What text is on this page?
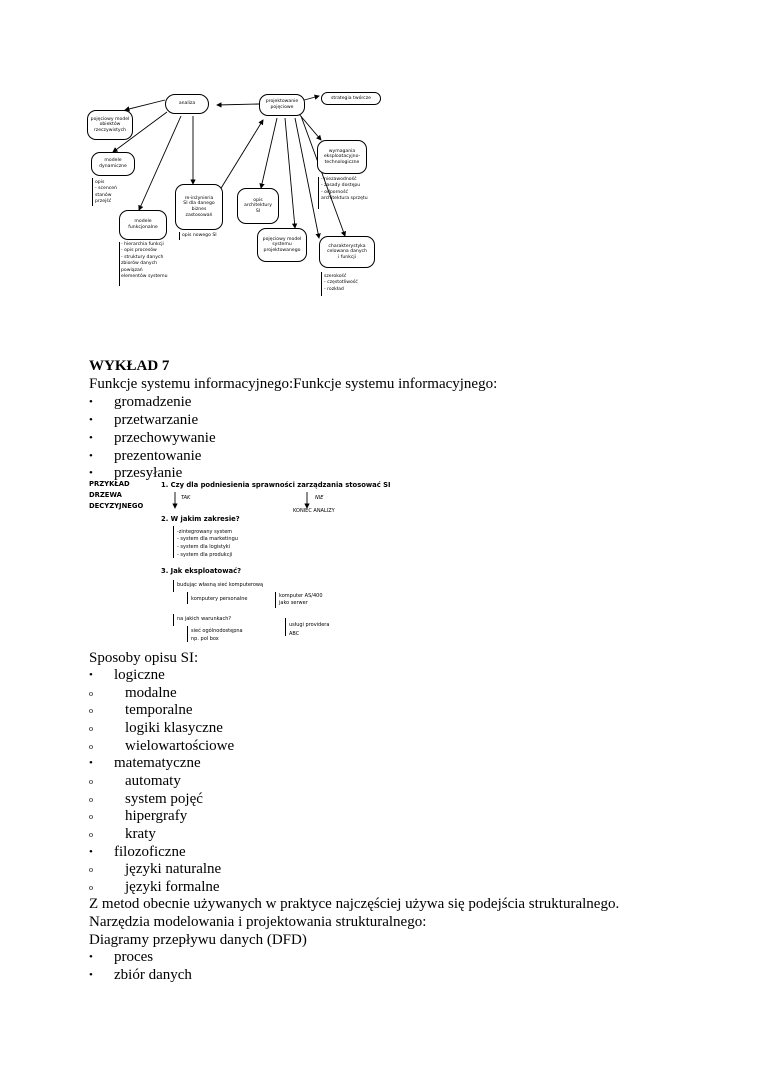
analiza	projektowanie
pojęciowe
strategia twórcze
pojęciowy model
obiektów
rzeczywistych
modele
dynamiczne
wymagania
eksploatacyjno-
technologiczne
re-inżynieria
SI dla danego
biznes
zastosowań
opis
architektury
SI
modele
funkcjonalne
pojęciowy model
systemu
projektowanego
charakterystyka
celowana danych
i funkcji
opis
- scenceń
stanów
przejść
- niezawodność
- zasady dostępu
- odporność
architektura sprzętu
opis nowego SI
- hierarchia funkcji
- opis procesów
- struktury danych
zbiorów danych
powiązań
elementów systemu	szerokość
- częstotliwość
- rozkład
WYKŁAD 7
Funkcje systemu informacyjnego:Funkcje systemu informacyjnego:
• gromadzenie
• przetwarzanie
• przechowywanie
• prezentowanie
• przesyłanie
PRZYKŁAD
DRZEWA
DECYZYJNEGO
1. Czy dla podniesienia sprawności zarządzania stosować SI
TAK	NIE
KONIEC ANALIZY
2. W jakim zakresie?
-zintegrowany system
- system dla marketingu
- system dla logistyki
- system dla produkcji
3. Jak eksploatować?
budując własną sieć komputerową
komputery personalne	komputer AS/400
jako serwer
na jakich warunkach?
sieć ogólnodostępna
np. pol box
usługi providera
ABC
Sposoby opisu SI:
• logiczne
o modalne
o temporalne
o logiki klasyczne
o wielowartościowe
• matematyczne
o automaty
o system pojęć
o hipergrafy
o kraty
• filozoficzne
o języki naturalne
o języki formalne
Z metod obecnie używanych w praktyce najczęściej używa się podejścia strukturalnego.
Narzędzia modelowania i projektowania strukturalnego:
Diagramy przepływu danych (DFD)
• proces
• zbiór danych
